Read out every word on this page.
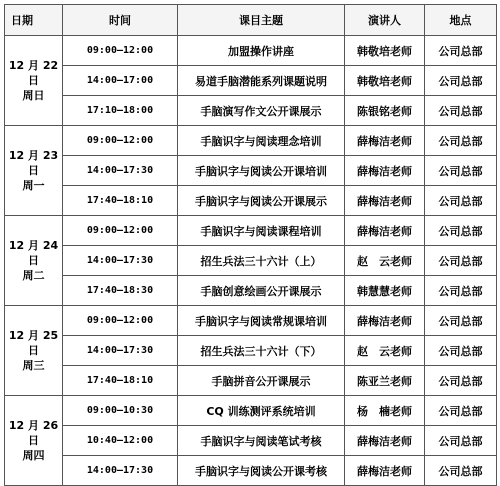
日期	时间	课目主题	演讲人	地点

12 月 22 日
周日	09:00—12:00	加盟操作讲座	韩敬培老师	公司总部
	14:00—17:00	易道手脑潜能系列课题说明	韩敬培老师	公司总部
	17:10—18:00	手脑演写作文公开课展示	陈银铭老师	公司总部

12 月 23 日
周一	09:00—12:00	手脑识字与阅读理念培训	薛梅洁老师	公司总部
	14:00—17:30	手脑识字与阅读公开课培训	薛梅洁老师	公司总部
	17:40—18:10	手脑识字与阅读公开课展示	薛梅洁老师	公司总部

12 月 24 日
周二	09:00—12:00	手脑识字与阅读课程培训	薛梅洁老师	公司总部
	14:00—17:30	招生兵法三十六计（上）	赵　云老师	公司总部
	17:40—18:30	手脑创意绘画公开课展示	韩慧慧老师	公司总部

12 月 25 日
周三	09:00—12:00	手脑识字与阅读常规课培训	薛梅洁老师	公司总部
	14:00—17:30	招生兵法三十六计（下）	赵　云老师	公司总部
	17:40—18:10	手脑拼音公开课展示	陈亚兰老师	公司总部

12 月 26 日
周四	09:00—10:30	CQ 训练测评系统培训	杨　楠老师	公司总部
	10:40—12:00	手脑识字与阅读笔试考核	薛梅洁老师	公司总部
	14:00—17:30	手脑识字与阅读公开课考核	薛梅洁老师	公司总部
